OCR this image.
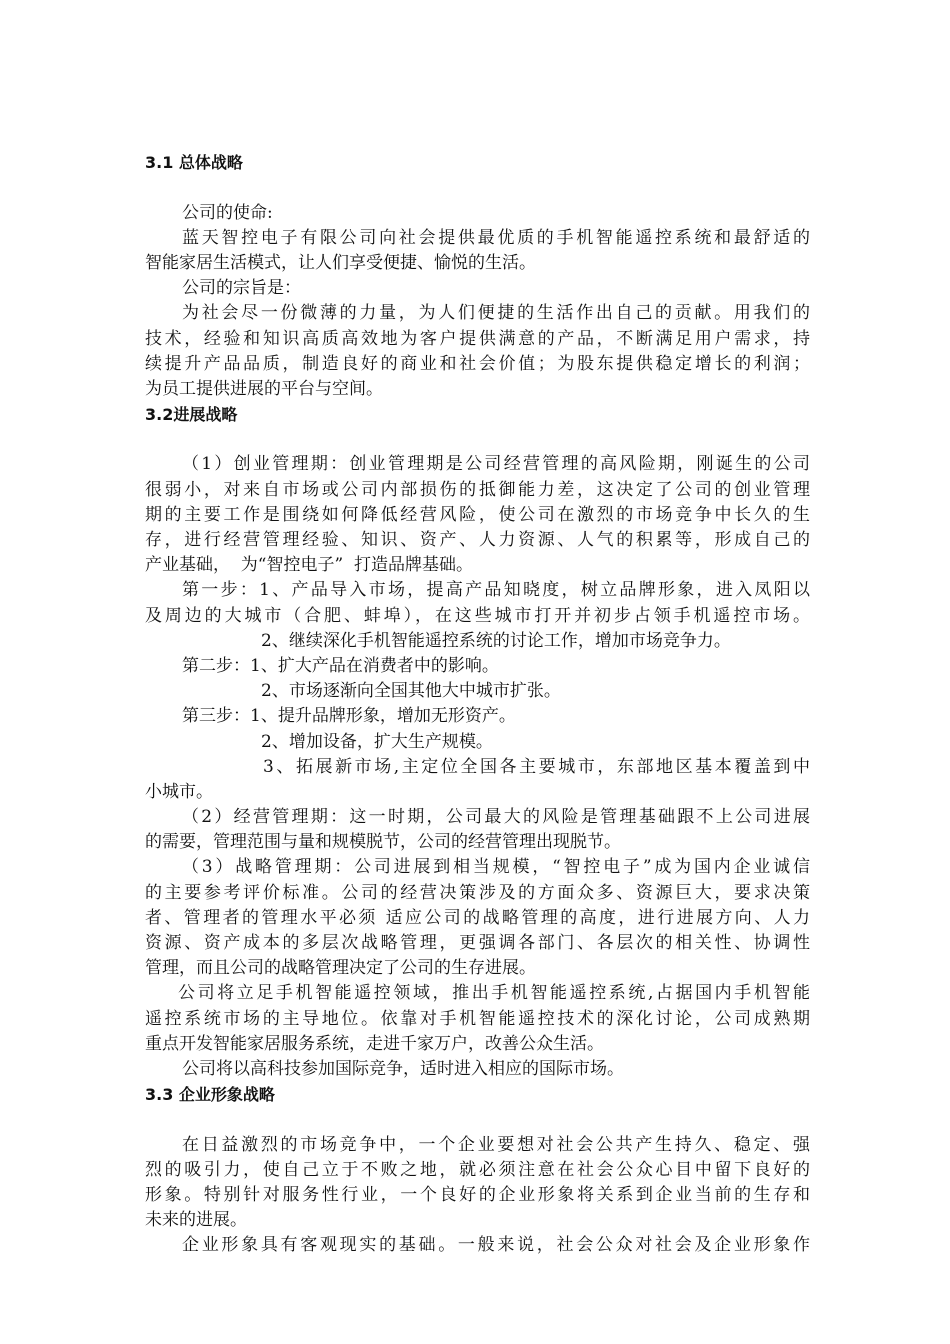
3.1 总体战略
公司的使命:
蓝天智控电子有限公司向社会提供最优质的手机智能遥控系统和最舒适的
智能家居生活模式，让人们享受便捷、愉悦的生活。
公司的宗旨是：
为社会尽一份微薄的力量，为人们便捷的生活作出自己的贡献。用我们的
技术，经验和知识高质高效地为客户提供满意的产品，不断满足用户需求，持
续提升产品品质，制造良好的商业和社会价值；为股东提供稳定增长的利润；
为员工提供进展的平台与空间。
3.2进展战略
（1）创业管理期：创业管理期是公司经营管理的高风险期，刚诞生的公司
很弱小，对来自市场或公司内部损伤的抵御能力差，这决定了公司的创业管理
期的主要工作是围绕如何降低经营风险，使公司在激烈的市场竞争中长久的生
存，进行经营管理经验、知识、资产、人力资源、人气的积累等，形成自己的
产业基础，  为“智控电子”  打造品牌基础。
第一步：1、产品导入市场，提高产品知晓度，树立品牌形象，进入凤阳以
及周边的大城市（合肥、蚌埠），在这些城市打开并初步占领手机遥控市场。
2、继续深化手机智能遥控系统的讨论工作，增加市场竞争力。
第二步：1、扩大产品在消费者中的影响。
2、市场逐渐向全国其他大中城市扩张。
第三步：1、提升品牌形象，增加无形资产。
2、增加设备，扩大生产规模。
3、拓展新市场,主定位全国各主要城市，东部地区基本覆盖到中
小城市。
（2）经营管理期：这一时期，公司最大的风险是管理基础跟不上公司进展
的需要，管理范围与量和规模脱节，公司的经营管理出现脱节。
（3）战略管理期：公司进展到相当规模，“智控电子”成为国内企业诚信
的主要参考评价标准。公司的经营决策涉及的方面众多、资源巨大，要求决策
者、管理者的管理水平必须 适应公司的战略管理的高度，进行进展方向、人力
资源、资产成本的多层次战略管理，更强调各部门、各层次的相关性、协调性
管理，而且公司的战略管理决定了公司的生存进展。
公司将立足手机智能遥控领域，推出手机智能遥控系统,占据国内手机智能
遥控系统市场的主导地位。依靠对手机智能遥控技术的深化讨论，公司成熟期
重点开发智能家居服务系统，走进千家万户，改善公众生活。
公司将以高科技参加国际竞争，适时进入相应的国际市场。
3.3 企业形象战略
在日益激烈的市场竞争中，一个企业要想对社会公共产生持久、稳定、强
烈的吸引力，使自己立于不败之地，就必须注意在社会公众心目中留下良好的
形象。特别针对服务性行业，一个良好的企业形象将关系到企业当前的生存和
未来的进展。
企业形象具有客观现实的基础。一般来说，社会公众对社会及企业形象作
